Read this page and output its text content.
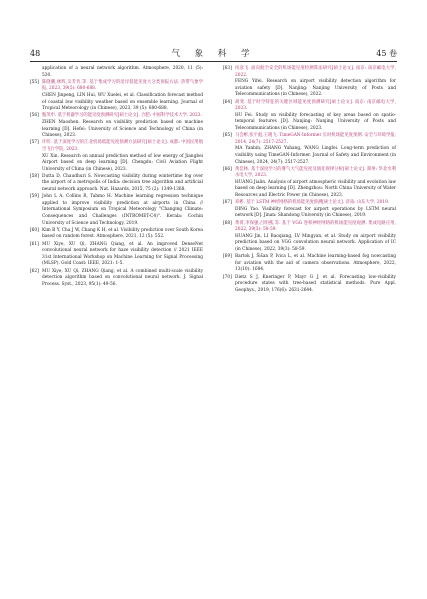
48	气 象 科 学	45 卷
application of a neural network algorithm. Atmosphere, 2020, 11 (5): 530.
[55] 陈晓鹏,林辉,吴芳肯,等. 基于集成学习的沿岸低能见度大分类预报方法. 热带气象学报, 2023, 39(5): 680-688.
CHEN Jinpeng, LIN Hui, WU Xuelei, et al. Classification forecast method of coastal low visibility weather based on ensemble learning. Journal of Tropical Meteorology (in Chinese), 2023, 39 (5): 680-688.
[56] 甄茂申. 基于机器学习的能见度预测研究[硕士论文]. 合肥: 中国科学技术大学, 2023.
ZHEN Maoshen. Research on visibility prediction based on machine learning [D]. Hefei: University of Science and Technology of China (in Chinese), 2023.
[57] 许昕. 基于深度学习的江北机场低能见度预测方法研究[硕士论文]. 成都: 中国民用航空飞行学院, 2023.
XU Xin. Research on annual prediction method of low energy of Jiangbei Airport based on deep learning [D]. Chengdu: Civil Aviation Flight University of China (in Chinese), 2023.
[58] Dutta D, Chaudhuri S. Nowcasting visibility during wintertime fog over the airport of a metropolis of India: decision tree algorithm and artificial neural network approach. Nat. Hazards, 2015, 75 (2): 1349-1368.
[59] John L A, Collins R, Tahmo H. Machine learning regression technique applied to improve visibility prediction at airports in China // International Symposium on Tropical Meteorology "Changing Climate: Consequences and Challenges (INTROMET-C4)". Kerala: Cochin University of Science and Technology, 2019.
[60] Kim B Y, Cha J W, Chang K H, et al. Visibility prediction over South Korea based on random forest. Atmosphere, 2021, 12 (5): 552.
[61] MU Xiye, XU Qi, ZHANG Qiang, et al. An improved DenseNet convolutional neural network for haze visibility detection // 2021 IEEE 31st International Workshop on Machine Learning for Signal Processing (MLSP). Gold Coast: IEEE, 2021: 1-5.
[62] MU Xiye, XU Qi, ZHANG Qiang, et al. A combined multi-scale visibility detection algorithm based on convolutional neural network. J. Signal Process. Syst., 2023, 95(1): 49-56.
[63] 风彦飞. 面向航空安全的机场能见度检测算法研究[硕士论文]. 南京: 南京邮电大学, 2022.
FENG Yifei. Research on airport visibility detection algorithm for aviation safety [D]. Nanjing: Nanjing University of Posts and Telecommunications (in Chinese), 2022.
[64] 胡斐. 基于时空特征的关键区域能见度预测研究[硕士论文]. 南京: 南京邮电大学, 2023.
HU Fei. Study on visibility forecasting of key areas based on spatio-temporal features [D]. Nanjing: Nanjing University of Posts and Telecommunications (in Chinese), 2023.
[65] 马会彬,张宇彪,王晓飞. TimeGAN-Informer 长时机场能见度预测. 安全与环境学报, 2014, 24(7): 2517-2527.
MA Yanbin, ZHANG Yuhang, WANG Lingfei. Long-term prediction of visibility using TimeGAN-Informer. Journal of Safety and Environment (in Chinese), 2024, 24(7): 2517-2527.
[66] 黄佳林. 基于深度学习的雾气大气能见度及演化规律分析[硕士论文]. 郑州: 华北水利水电大学, 2023.
HUANG Jialin. Analysis of airport atmospheric visibility and evolution law based on deep learning [D]. Zhengzhou: North China University of Water Resources and Electric Power (in Chinese), 2023.
[67] 邓彬. 基于 LSTM 神经网络的机场能见度预测[硕士论文]. 济南: 山东大学, 2019.
DING Yao. Visibility forecast for airport operations by LSTM neural network [D]. Jinan: Shandong University (in Chinese), 2019.
[68] 黄菁,李保强,吕明燕,等. 基于 VGG 卷积神经网络的机场能见度观测. 集成电路应用, 2022, 39(3): 58-59.
HUANG Jin, LI Baoqiang, LV Mingyan, et al. Study on airport visibility prediction based on VGG convolution neural network. Application of IC (in Chinese), 2022, 39(3): 58-59.
[69] Bartok J, Šišan P, Ivica L, et al. Machine learning-based fog nowcasting for aviation with the aid of camera observations. Atmosphere, 2022, 13(10): 1684.
[70] Dietz S J, Kneringer P, Mayr G J, et al. Forecasting low-visibility procedure states with tree-based statistical methods. Pure Appl. Geophys., 2019, 176(6): 2631-2644.
